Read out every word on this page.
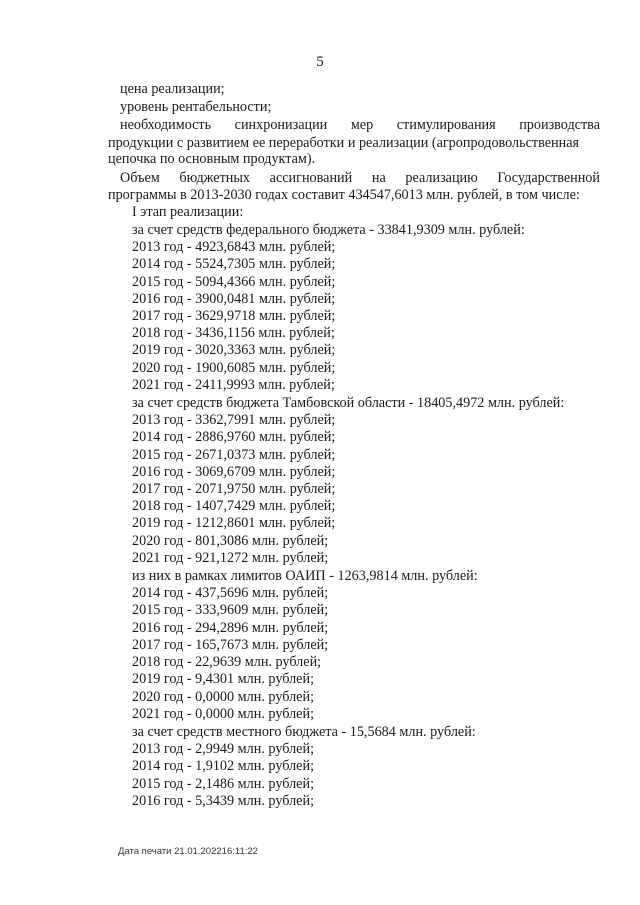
5
цена реализации;
уровень рентабельности;
необходимость синхронизации мер стимулирования производства
продукции с развитием ее переработки и реализации (агропродовольственная
цепочка по основным продуктам).
Объем бюджетных ассигнований на реализацию Государственной
программы в 2013-2030 годах составит 434547,6013 млн. рублей, в том числе:
I этап реализации:
за счет средств федерального бюджета - 33841,9309 млн. рублей:
2013 год - 4923,6843 млн. рублей;
2014 год - 5524,7305 млн. рублей;
2015 год - 5094,4366 млн. рублей;
2016 год - 3900,0481 млн. рублей;
2017 год - 3629,9718 млн. рублей;
2018 год - 3436,1156 млн. рублей;
2019 год - 3020,3363 млн. рублей;
2020 год - 1900,6085 млн. рублей;
2021 год - 2411,9993 млн. рублей;
за счет средств бюджета Тамбовской области - 18405,4972 млн. рублей:
2013 год - 3362,7991 млн. рублей;
2014 год - 2886,9760 млн. рублей;
2015 год - 2671,0373 млн. рублей;
2016 год - 3069,6709 млн. рублей;
2017 год - 2071,9750 млн. рублей;
2018 год - 1407,7429 млн. рублей;
2019 год - 1212,8601 млн. рублей;
2020 год - 801,3086 млн. рублей;
2021 год - 921,1272 млн. рублей;
из них в рамках лимитов ОАИП - 1263,9814 млн. рублей:
2014 год - 437,5696 млн. рублей;
2015 год - 333,9609 млн. рублей;
2016 год - 294,2896 млн. рублей;
2017 год - 165,7673 млн. рублей;
2018 год - 22,9639 млн. рублей;
2019 год - 9,4301 млн. рублей;
2020 год - 0,0000 млн. рублей;
2021 год - 0,0000 млн. рублей;
за счет средств местного бюджета - 15,5684 млн. рублей:
2013 год - 2,9949 млн. рублей;
2014 год - 1,9102 млн. рублей;
2015 год - 2,1486 млн. рублей;
2016 год - 5,3439 млн. рублей;
Дата печати 21.01.202216:11:22
